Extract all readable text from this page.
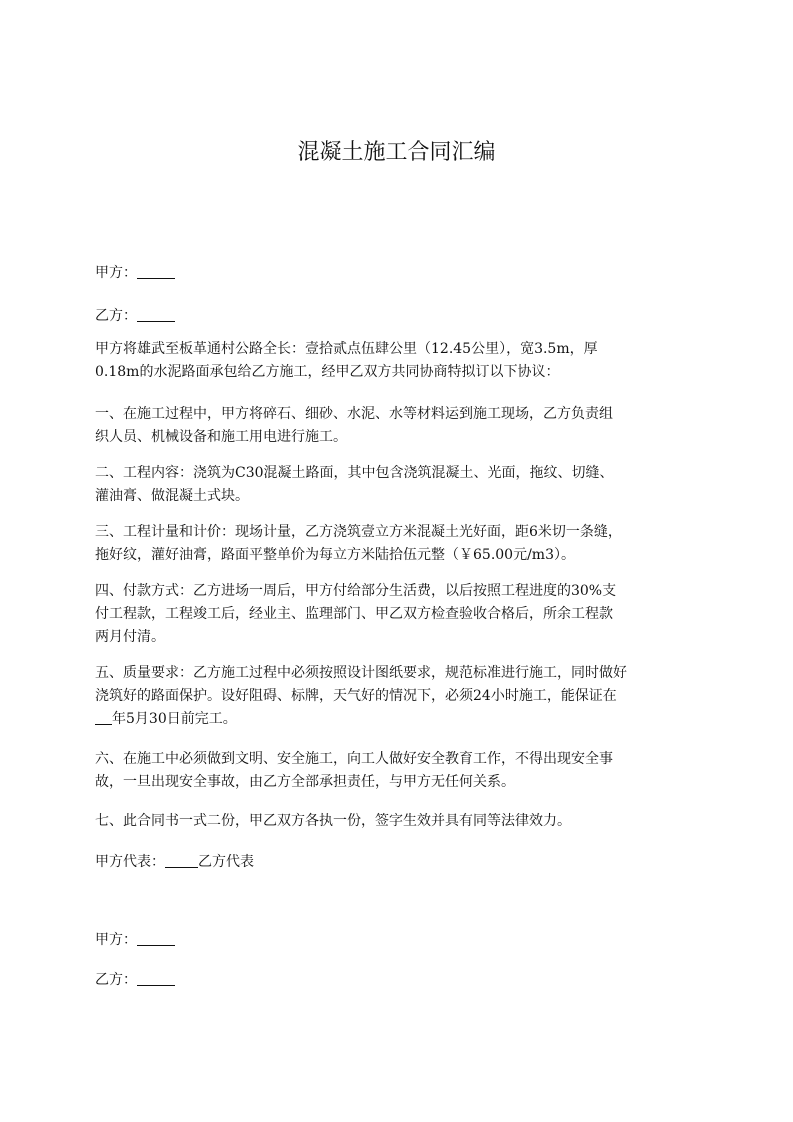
混凝土施工合同汇编
甲方：
乙方：
甲方将雄武至板革通村公路全长：壹拾贰点伍肆公里（12.45公里），宽3.5m，厚
0.18m的水泥路面承包给乙方施工，经甲乙双方共同协商特拟订以下协议：
一、在施工过程中，甲方将碎石、细砂、水泥、水等材料运到施工现场，乙方负责组
织人员、机械设备和施工用电进行施工。
二、工程内容：浇筑为C30混凝土路面，其中包含浇筑混凝土、光面，拖纹、切缝、
灌油膏、做混凝土式块。
三、工程计量和计价：现场计量，乙方浇筑壹立方米混凝土光好面，距6米切一条缝，
拖好纹，灌好油膏，路面平整单价为每立方米陆拾伍元整（￥65.00元/m3）。
四、付款方式：乙方进场一周后，甲方付给部分生活费，以后按照工程进度的30%支
付工程款，工程竣工后，经业主、监理部门、甲乙双方检查验收合格后，所余工程款
两月付清。
五、质量要求：乙方施工过程中必须按照设计图纸要求，规范标准进行施工，同时做好
浇筑好的路面保护。设好阻碍、标牌，天气好的情况下，必须24小时施工，能保证在
年5月30日前完工。
六、在施工中必须做到文明、安全施工，向工人做好安全教育工作，不得出现安全事
故，一旦出现安全事故，由乙方全部承担责任，与甲方无任何关系。
七、此合同书一式二份，甲乙双方各执一份，签字生效并具有同等法律效力。
甲方代表： 乙方代表
甲方：
乙方：
